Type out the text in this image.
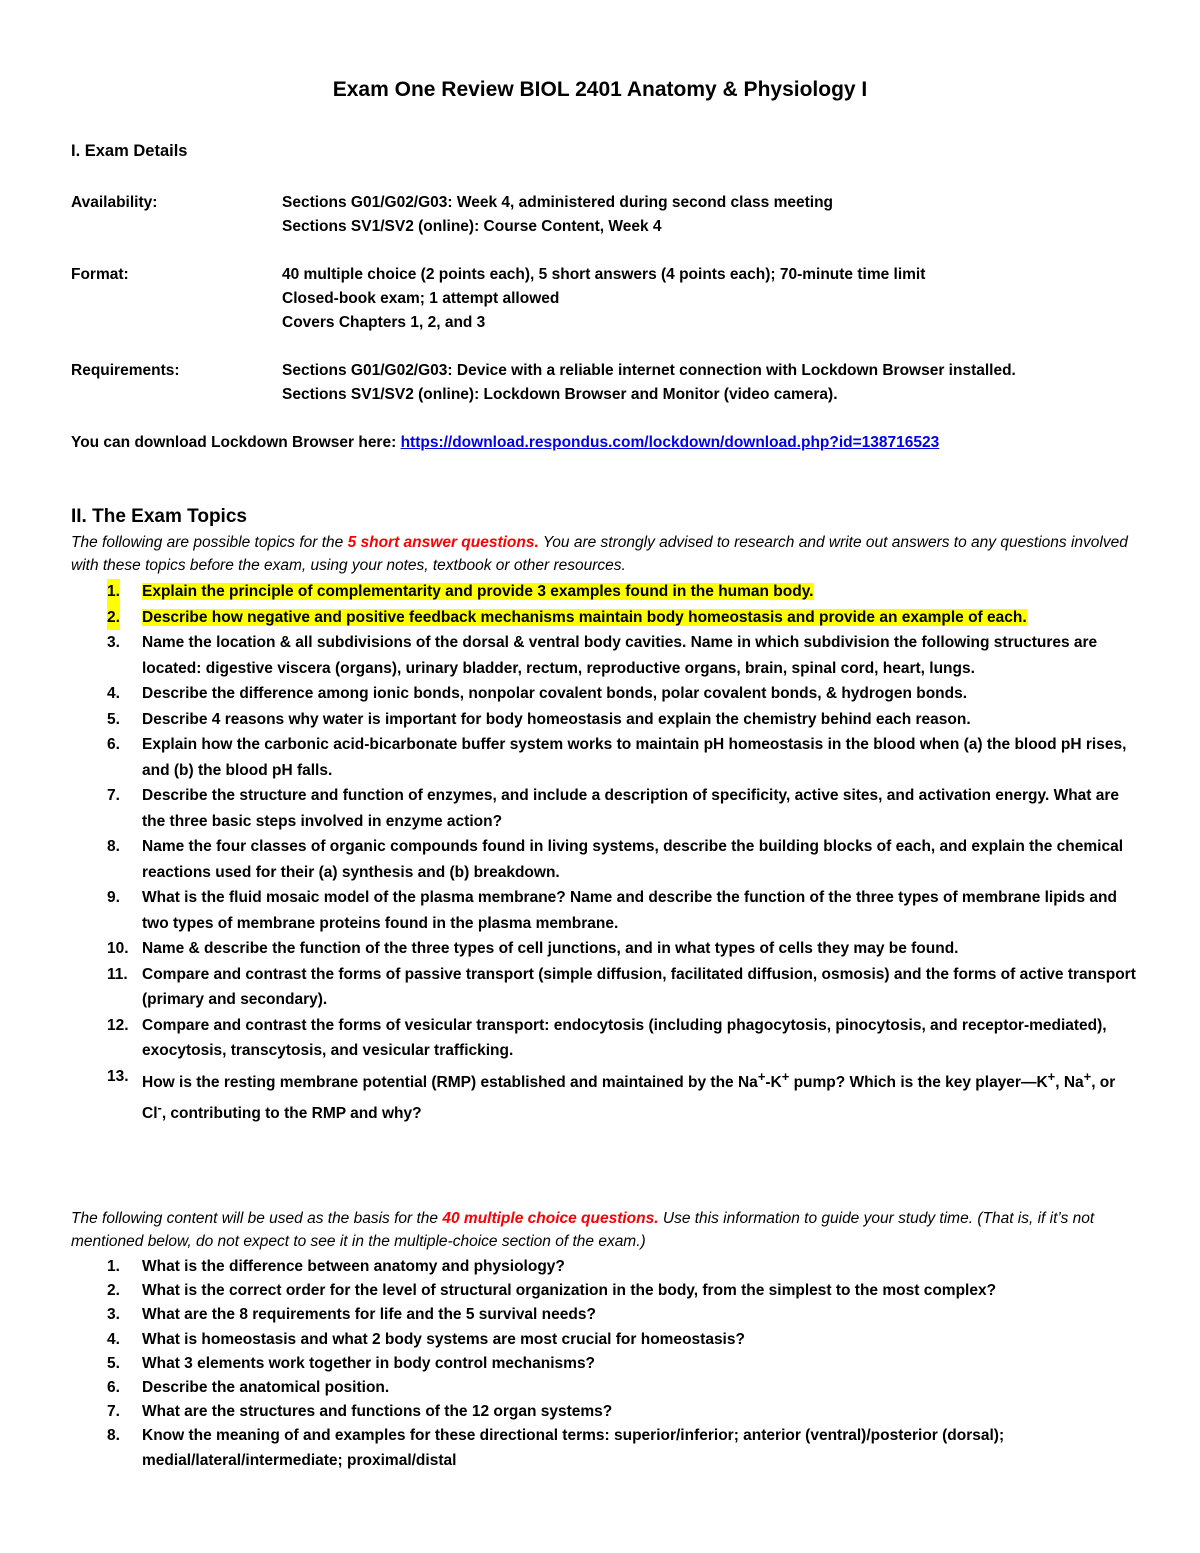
Exam One Review BIOL 2401 Anatomy & Physiology I
I. Exam Details
Availability:	Sections G01/G02/G03: Week 4, administered during second class meeting
Sections SV1/SV2 (online): Course Content, Week 4
Format:	40 multiple choice (2 points each), 5 short answers (4 points each); 70-minute time limit
Closed-book exam; 1 attempt allowed
Covers Chapters 1, 2, and 3
Requirements:	Sections G01/G02/G03: Device with a reliable internet connection with Lockdown Browser installed.
Sections SV1/SV2 (online): Lockdown Browser and Monitor (video camera).
You can download Lockdown Browser here: https://download.respondus.com/lockdown/download.php?id=138716523
II. The Exam Topics
The following are possible topics for the 5 short answer questions. You are strongly advised to research and write out answers to any questions involved with these topics before the exam, using your notes, textbook or other resources.
1. Explain the principle of complementarity and provide 3 examples found in the human body.
2. Describe how negative and positive feedback mechanisms maintain body homeostasis and provide an example of each.
3. Name the location & all subdivisions of the dorsal & ventral body cavities. Name in which subdivision the following structures are located: digestive viscera (organs), urinary bladder, rectum, reproductive organs, brain, spinal cord, heart, lungs.
4. Describe the difference among ionic bonds, nonpolar covalent bonds, polar covalent bonds, & hydrogen bonds.
5. Describe 4 reasons why water is important for body homeostasis and explain the chemistry behind each reason.
6. Explain how the carbonic acid-bicarbonate buffer system works to maintain pH homeostasis in the blood when (a) the blood pH rises, and (b) the blood pH falls.
7. Describe the structure and function of enzymes, and include a description of specificity, active sites, and activation energy. What are the three basic steps involved in enzyme action?
8. Name the four classes of organic compounds found in living systems, describe the building blocks of each, and explain the chemical reactions used for their (a) synthesis and (b) breakdown.
9. What is the fluid mosaic model of the plasma membrane? Name and describe the function of the three types of membrane lipids and two types of membrane proteins found in the plasma membrane.
10. Name & describe the function of the three types of cell junctions, and in what types of cells they may be found.
11. Compare and contrast the forms of passive transport (simple diffusion, facilitated diffusion, osmosis) and the forms of active transport (primary and secondary).
12. Compare and contrast the forms of vesicular transport: endocytosis (including phagocytosis, pinocytosis, and receptor-mediated), exocytosis, transcytosis, and vesicular trafficking.
13. How is the resting membrane potential (RMP) established and maintained by the Na+-K+ pump? Which is the key player—K+, Na+, or Cl-, contributing to the RMP and why?
The following content will be used as the basis for the 40 multiple choice questions. Use this information to guide your study time. (That is, if it’s not mentioned below, do not expect to see it in the multiple-choice section of the exam.)
1. What is the difference between anatomy and physiology?
2. What is the correct order for the level of structural organization in the body, from the simplest to the most complex?
3. What are the 8 requirements for life and the 5 survival needs?
4. What is homeostasis and what 2 body systems are most crucial for homeostasis?
5. What 3 elements work together in body control mechanisms?
6. Describe the anatomical position.
7. What are the structures and functions of the 12 organ systems?
8. Know the meaning of and examples for these directional terms: superior/inferior; anterior (ventral)/posterior (dorsal); medial/lateral/intermediate; proximal/distal
